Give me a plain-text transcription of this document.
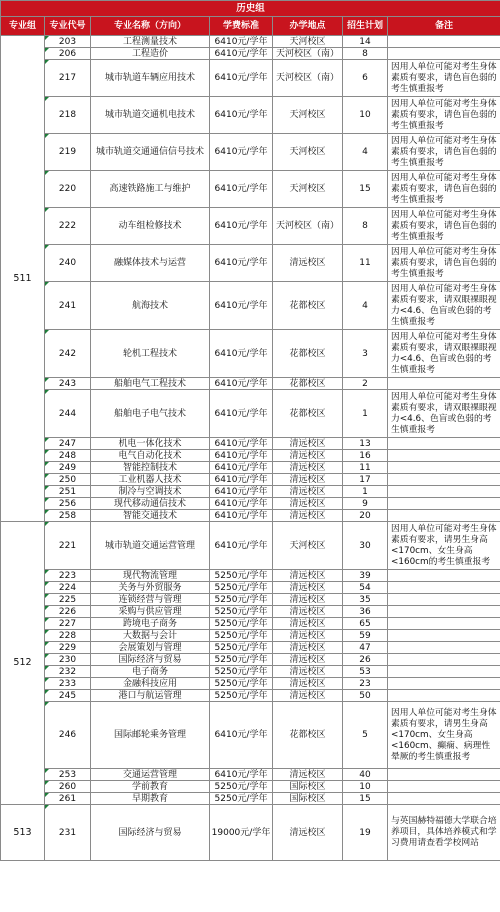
历史组						
专业组	专业代号	专业名称（方向）	学费标准	办学地点	招生计划	备注
511	203	工程测量技术	6410元/学年	天河校区	14	
	206	工程造价	6410元/学年	天河校区（南）	8	
	217	城市轨道车辆应用技术	6410元/学年	天河校区（南）	6	因用人单位可能对考生身体素质有要求，请色盲色弱的考生慎重报考
	218	城市轨道交通机电技术	6410元/学年	天河校区	10	因用人单位可能对考生身体素质有要求，请色盲色弱的考生慎重报考
	219	城市轨道交通通信信号技术	6410元/学年	天河校区	4	因用人单位可能对考生身体素质有要求，请色盲色弱的考生慎重报考
	220	高速铁路施工与维护	6410元/学年	天河校区	15	因用人单位可能对考生身体素质有要求，请色盲色弱的考生慎重报考
	222	动车组检修技术	6410元/学年	天河校区（南）	8	因用人单位可能对考生身体素质有要求，请色盲色弱的考生慎重报考
	240	融媒体技术与运营	6410元/学年	清远校区	11	因用人单位可能对考生身体素质有要求，请色盲色弱的考生慎重报考
	241	航海技术	6410元/学年	花都校区	4	因用人单位可能对考生身体素质有要求，请双眼裸眼视力<4.6、色盲或色弱的考生慎重报考
	242	轮机工程技术	6410元/学年	花都校区	3	因用人单位可能对考生身体素质有要求，请双眼裸眼视力<4.6、色盲或色弱的考生慎重报考
	243	船舶电气工程技术	6410元/学年	花都校区	2	
	244	船舶电子电气技术	6410元/学年	花都校区	1	因用人单位可能对考生身体素质有要求，请双眼裸眼视力<4.6、色盲或色弱的考生慎重报考
	247	机电一体化技术	6410元/学年	清远校区	13	
	248	电气自动化技术	6410元/学年	清远校区	16	
	249	智能控制技术	6410元/学年	清远校区	11	
	250	工业机器人技术	6410元/学年	清远校区	17	
	251	制冷与空调技术	6410元/学年	清远校区	1	
	256	现代移动通信技术	6410元/学年	清远校区	9	
	258	智能交通技术	6410元/学年	清远校区	20	
512	221	城市轨道交通运营管理	6410元/学年	天河校区	30	因用人单位可能对考生身体素质有要求，请男生身高<170cm、女生身高<160cm的考生慎重报考
	223	现代物流管理	5250元/学年	清远校区	39	
	224	关务与外贸服务	5250元/学年	清远校区	54	
	225	连锁经营与管理	5250元/学年	清远校区	35	
	226	采购与供应管理	5250元/学年	清远校区	36	
	227	跨境电子商务	5250元/学年	清远校区	65	
	228	大数据与会计	5250元/学年	清远校区	59	
	229	会展策划与管理	5250元/学年	清远校区	47	
	230	国际经济与贸易	5250元/学年	清远校区	26	
	232	电子商务	5250元/学年	清远校区	53	
	233	金融科技应用	5250元/学年	清远校区	23	
	245	港口与航运管理	5250元/学年	清远校区	50	
	246	国际邮轮乘务管理	6410元/学年	花都校区	5	因用人单位可能对考生身体素质有要求，请男生身高<170cm、女生身高<160cm、癫痫、病理性晕厥的考生慎重报考
	253	交通运营管理	6410元/学年	清远校区	40	
	260	学前教育	5250元/学年	国际校区	10	
	261	早期教育	5250元/学年	国际校区	15	
513	231	国际经济与贸易	19000元/学年	清远校区	19	与英国赫特福德大学联合培养项目，具体培养模式和学习费用请查看学校网站
